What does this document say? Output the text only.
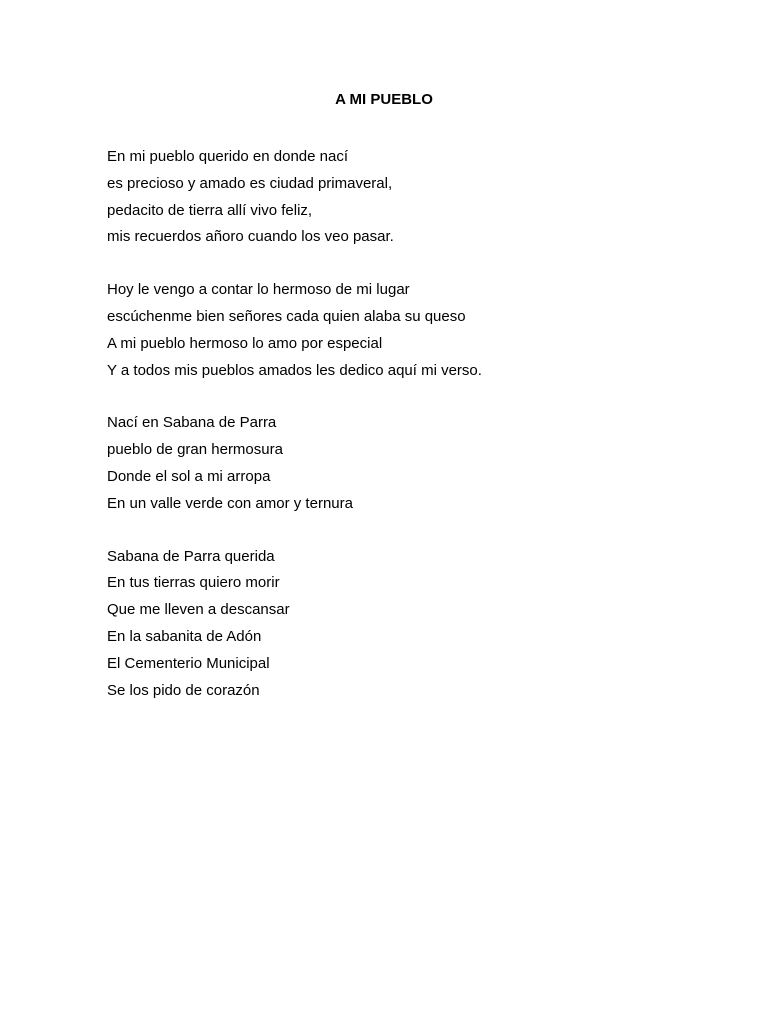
A MI PUEBLO
En mi pueblo querido en donde nací
es precioso y amado es ciudad primaveral,
pedacito de tierra allí vivo feliz,
mis recuerdos añoro cuando los veo pasar.
Hoy le vengo a contar lo hermoso de mi lugar
escúchenme bien señores cada quien alaba su queso
A mi pueblo hermoso lo amo por especial
Y a todos mis pueblos amados les dedico aquí mi verso.
Nací en Sabana de Parra
pueblo de gran hermosura
Donde el sol a mi arropa
En un valle verde con amor y ternura
Sabana de Parra querida
En tus tierras quiero morir
Que me lleven a descansar
En la sabanita de Adón
El Cementerio Municipal
Se los pido de corazón
